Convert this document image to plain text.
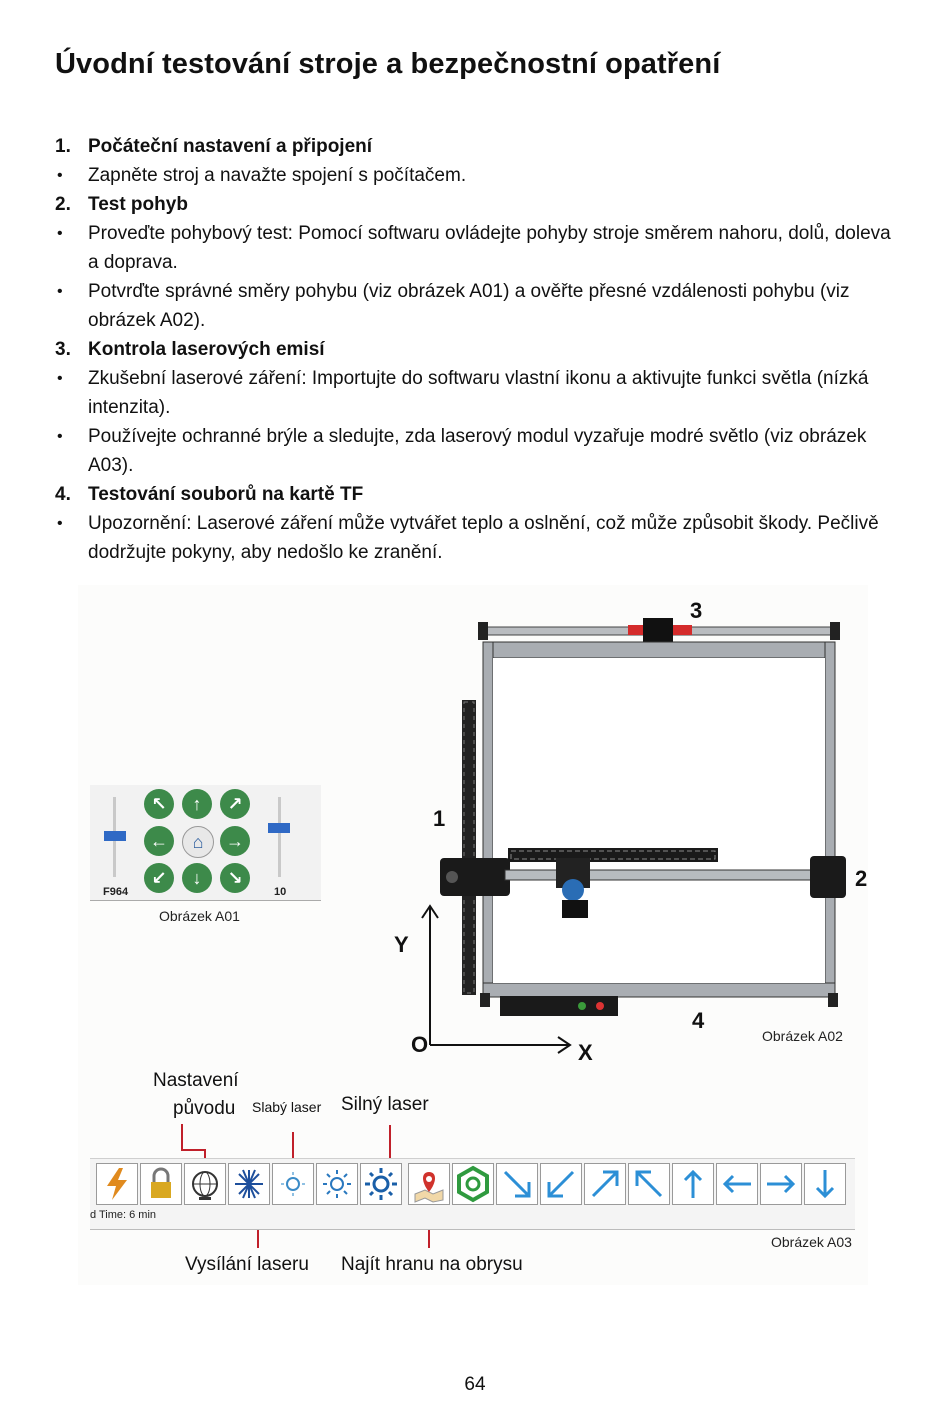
Úvodní testování stroje a bezpečnostní opatření
1. Počáteční nastavení a připojení
• Zapněte stroj a navažte spojení s počítačem.
2. Test pohyb
• Proveďte pohybový test: Pomocí softwaru ovládejte pohyby stroje směrem nahoru, dolů, doleva a doprava.
• Potvrďte správné směry pohybu (viz obrázek A01) a ověřte přesné vzdálenosti pohybu (viz obrázek A02).
3. Kontrola laserových emisí
• Zkušební laserové záření: Importujte do softwaru vlastní ikonu a aktivujte funkci světla (nízká intenzita).
• Používejte ochranné brýle a sledujte, zda laserový modul vyzařuje modré světlo (viz obrázek A03).
4. Testování souborů na kartě TF
• Upozornění: Laserové záření může vytvářet teplo a oslnění, což může způsobit škody. Pečlivě dodržujte pokyny, aby nedošlo ke zranění.
3
1
2
4
Y
X
O	Obrázek A02
F964	10
↖	↑	↗
←	⌂	→
↙	↓	↘
Obrázek A01
Nastavení
původu Slabý laser Silný laser
d Time: 6 min
Obrázek A03
Vysílání laseru Najít hranu na obrysu
64
